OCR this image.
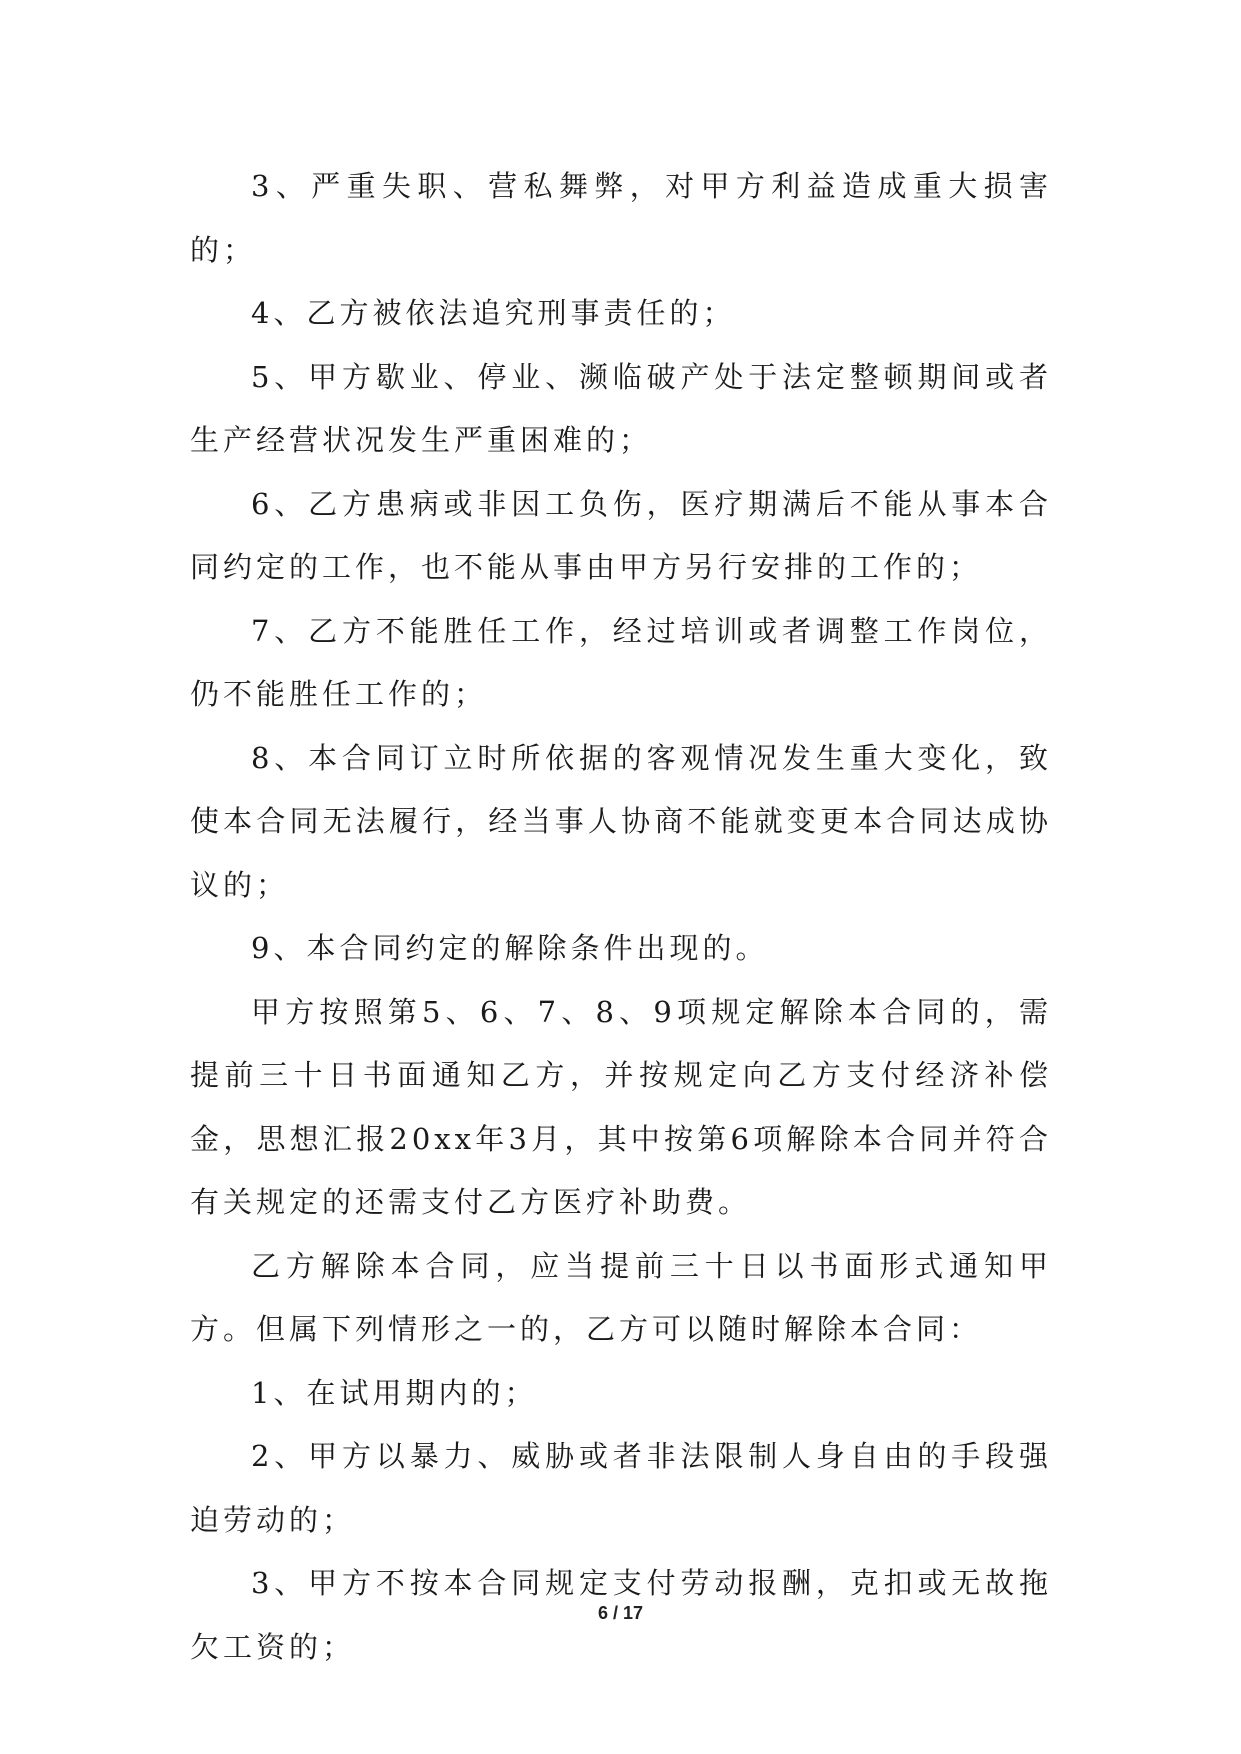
3、严重失职、营私舞弊，对甲方利益造成重大损害的；

4、乙方被依法追究刑事责任的；

5、甲方歇业、停业、濒临破产处于法定整顿期间或者生产经营状况发生严重困难的；

6、乙方患病或非因工负伤，医疗期满后不能从事本合同约定的工作，也不能从事由甲方另行安排的工作的；

7、乙方不能胜任工作，经过培训或者调整工作岗位，仍不能胜任工作的；

8、本合同订立时所依据的客观情况发生重大变化，致使本合同无法履行，经当事人协商不能就变更本合同达成协议的；

9、本合同约定的解除条件出现的。

甲方按照第5、6、7、8、9项规定解除本合同的，需提前三十日书面通知乙方，并按规定向乙方支付经济补偿金，思想汇报20xx年3月，其中按第6项解除本合同并符合有关规定的还需支付乙方医疗补助费。

乙方解除本合同，应当提前三十日以书面形式通知甲方。但属下列情形之一的，乙方可以随时解除本合同：

1、在试用期内的；

2、甲方以暴力、威胁或者非法限制人身自由的手段强迫劳动的；

3、甲方不按本合同规定支付劳动报酬，克扣或无故拖欠工资的；

6 / 17
